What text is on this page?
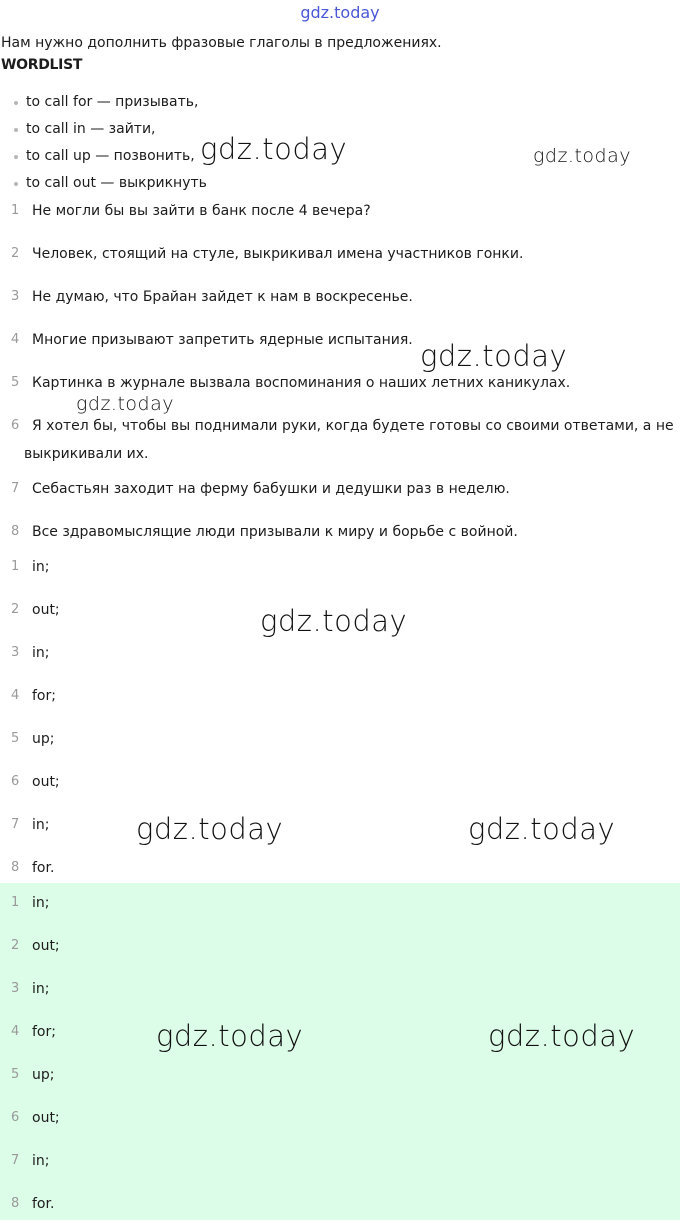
gdz.today
Нам нужно дополнить фразовые глаголы в предложениях.
WORDLIST
to call for — призывать,
to call in — зайти,
to call up — позвонить,
to call out — выкрикнуть
1 Не могли бы вы зайти в банк после 4 вечера?
2 Человек, стоящий на стуле, выкрикивал имена участников гонки.
3 Не думаю, что Брайан зайдет к нам в воскресенье.
4 Многие призывают запретить ядерные испытания.
5 Картинка в журнале вызвала воспоминания о наших летних каникулах.
6 Я хотел бы, чтобы вы поднимали руки, когда будете готовы со своими ответами, а не
выкрикивали их.
7 Себастьян заходит на ферму бабушки и дедушки раз в неделю.
8 Все здравомыслящие люди призывали к миру и борьбе с войной.
1 in;
2 out;
3 in;
4 for;
5 up;
6 out;
7 in;
8 for.
1 in;
2 out;
3 in;
4 for;
5 up;
6 out;
7 in;
8 for.
gdz.today	gdz.today
gdz.today
gdz.today
gdz.today
gdz.today	gdz.today
gdz.today	gdz.today
